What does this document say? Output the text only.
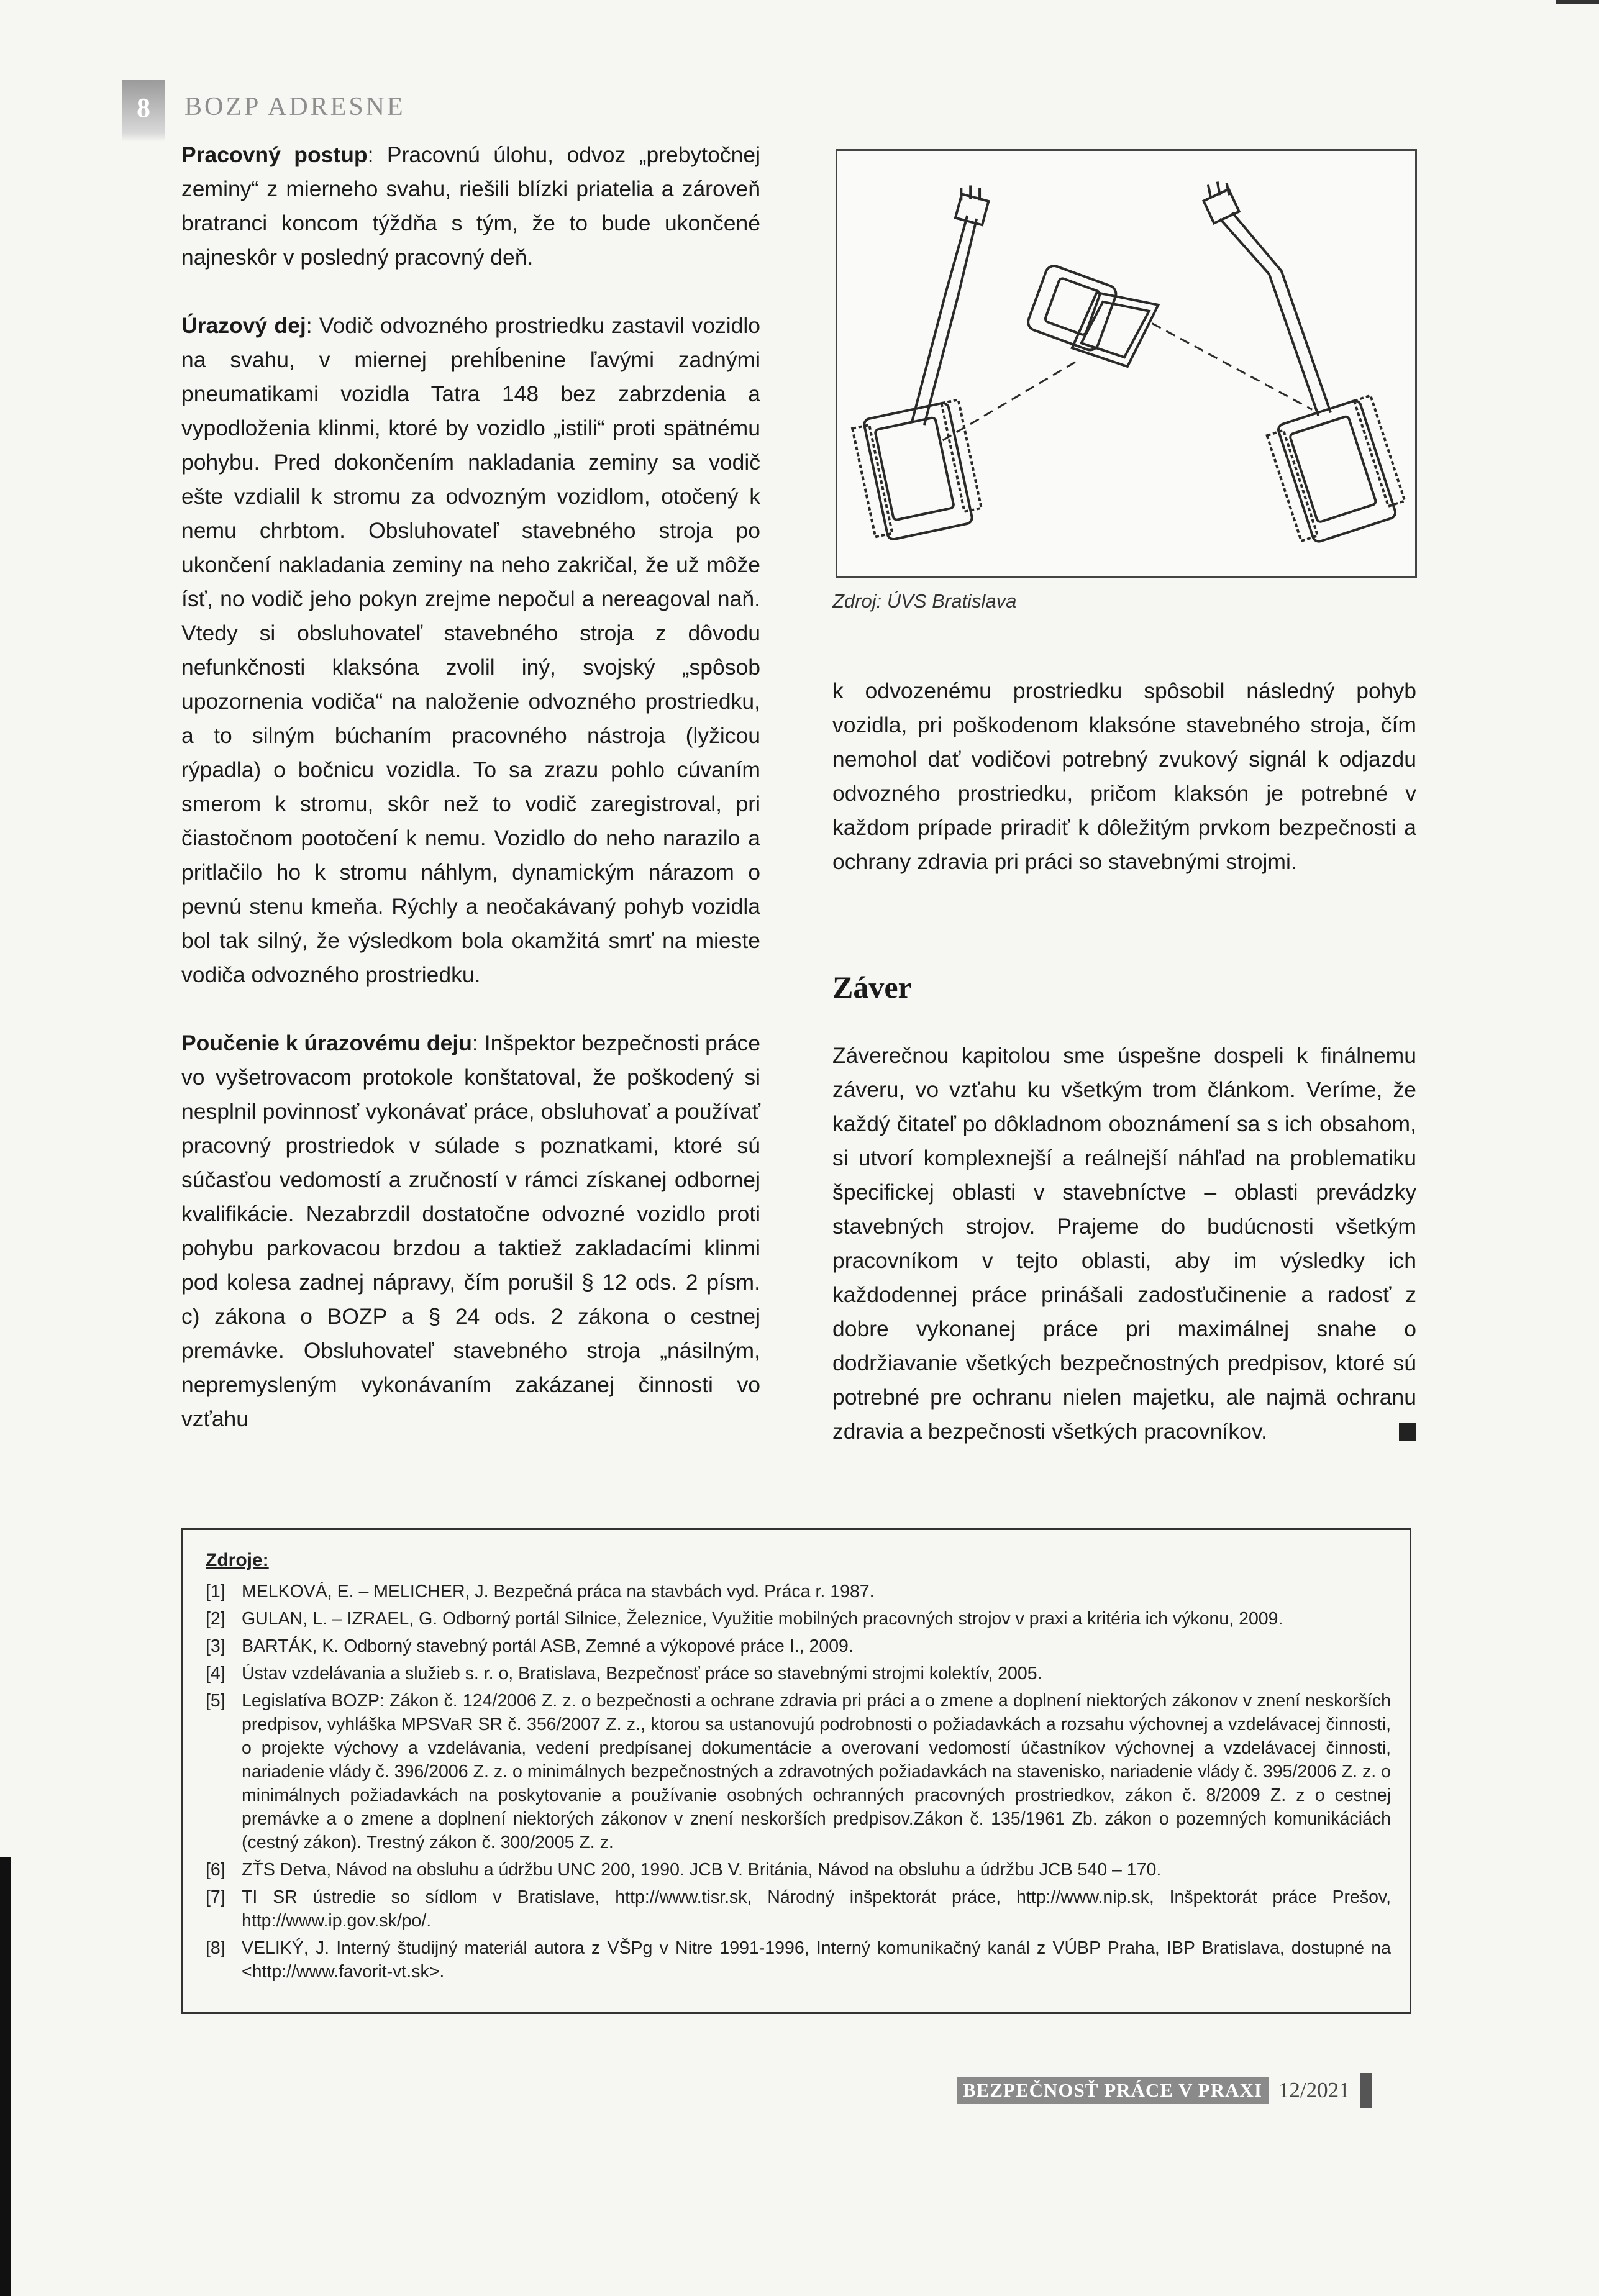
8	BOZP ADRESNE

Pracovný postup: Pracovnú úlohu, odvoz „prebytočnej zeminy“ z mierneho svahu, riešili blízki priatelia a zároveň bratranci koncom týždňa s tým, že to bude ukončené najneskôr v posledný pracovný deň.

Úrazový dej: Vodič odvozného prostriedku zastavil vozidlo na svahu, v miernej prehĺbenine ľavými zadnými pneumatikami vozidla Tatra 148 bez zabrzdenia a vypodloženia klinmi, ktoré by vozidlo „istili“ proti spätnému pohybu. Pred dokončením nakladania zeminy sa vodič ešte vzdialil k stromu za odvozným vozidlom, otočený k nemu chrbtom. Obsluhovateľ stavebného stroja po ukončení nakladania zeminy na neho zakričal, že už môže ísť, no vodič jeho pokyn zrejme nepočul a nereagoval naň. Vtedy si obsluhovateľ stavebného stroja z dôvodu nefunkčnosti klaksóna zvolil iný, svojský „spôsob upozornenia vodiča“ na naloženie odvozného prostriedku, a to silným búchaním pracovného nástroja (lyžicou rýpadla) o bočnicu vozidla. To sa zrazu pohlo cúvaním smerom k stromu, skôr než to vodič zaregistroval, pri čiastočnom pootočení k nemu. Vozidlo do neho narazilo a pritlačilo ho k stromu náhlym, dynamickým nárazom o pevnú stenu kmeňa. Rýchly a neočakávaný pohyb vozidla bol tak silný, že výsledkom bola okamžitá smrť na mieste vodiča odvozného prostriedku.

Poučenie k úrazovému deju: Inšpektor bezpečnosti práce vo vyšetrovacom protokole konštatoval, že poškodený si nesplnil povinnosť vykonávať práce, obsluhovať a používať pracovný prostriedok v súlade s poznatkami, ktoré sú súčasťou vedomostí a zručností v rámci získanej odbornej kvalifikácie. Nezabrzdil dostatočne odvozné vozidlo proti pohybu parkovacou brzdou a taktiež zakladacími klinmi pod kolesa zadnej nápravy, čím porušil § 12 ods. 2 písm. c) zákona o BOZP a § 24 ods. 2 zákona o cestnej premávke. Obsluhovateľ stavebného stroja „násilným, nepremysleným vykonávaním zakázanej činnosti vo vzťahu

Zdroj: ÚVS Bratislava

k odvozenému prostriedku spôsobil následný pohyb vozidla, pri poškodenom klaksóne stavebného stroja, čím nemohol dať vodičovi potrebný zvukový signál k odjazdu odvozného prostriedku, pričom klaksón je potrebné v každom prípade priradiť k dôležitým prvkom bezpečnosti a ochrany zdravia pri práci so stavebnými strojmi.

Záver

Záverečnou kapitolou sme úspešne dospeli k finálnemu záveru, vo vzťahu ku všetkým trom článkom. Veríme, že každý čitateľ po dôkladnom oboznámení sa s ich obsahom, si utvorí komplexnejší a reálnejší náhľad na problematiku špecifickej oblasti v stavebníctve – oblasti prevádzky stavebných strojov. Prajeme do budúcnosti všetkým pracovníkom v tejto oblasti, aby im výsledky ich každodennej práce prinášali zadosťučinenie a radosť z dobre vykonanej práce pri maximálnej snahe o dodržiavanie všetkých bezpečnostných predpisov, ktoré sú potrebné pre ochranu nielen majetku, ale najmä ochranu zdravia a bezpečnosti všetkých pracovníkov.

Zdroje:
[1] MELKOVÁ, E. – MELICHER, J. Bezpečná práca na stavbách vyd. Práca r. 1987.
[2] GULAN, L. – IZRAEL, G. Odborný portál Silnice, Železnice, Využitie mobilných pracovných strojov v praxi a kritéria ich výkonu, 2009.
[3] BARTÁK, K. Odborný stavebný portál ASB, Zemné a výkopové práce I., 2009.
[4] Ústav vzdelávania a služieb s. r. o, Bratislava, Bezpečnosť práce so stavebnými strojmi kolektív, 2005.
[5] Legislatíva BOZP: Zákon č. 124/2006 Z. z. o bezpečnosti a ochrane zdravia pri práci a o zmene a doplnení niektorých zákonov v znení neskorších predpisov, vyhláška MPSVaR SR č. 356/2007 Z. z., ktorou sa ustanovujú podrobnosti o požiadavkách a rozsahu výchovnej a vzdelávacej činnosti, o projekte výchovy a vzdelávania, vedení predpísanej dokumentácie a overovaní vedomostí účastníkov výchovnej a vzdelávacej činnosti, nariadenie vlády č. 396/2006 Z. z. o minimálnych bezpečnostných a zdravotných požiadavkách na stavenisko, nariadenie vlády č. 395/2006 Z. z. o minimálnych požiadavkách na poskytovanie a používanie osobných ochranných pracovných prostriedkov, zákon č. 8/2009 Z. z o cestnej premávke a o zmene a doplnení niektorých zákonov v znení neskorších predpisov.Zákon č. 135/1961 Zb. zákon o pozemných komunikáciách (cestný zákon). Trestný zákon č. 300/2005 Z. z.
[6] ZŤS Detva, Návod na obsluhu a údržbu UNC 200, 1990. JCB V. Británia, Návod na obsluhu a údržbu JCB 540 – 170.
[7] TI SR ústredie so sídlom v Bratislave, http://www.tisr.sk, Národný inšpektorát práce, http://www.nip.sk, Inšpektorát práce Prešov, http://www.ip.gov.sk/po/.
[8] VELIKÝ, J. Interný študijný materiál autora z VŠPg v Nitre 1991-1996, Interný komunikačný kanál z VÚBP Praha, IBP Bratislava, dostupné na <http://www.favorit-vt.sk>.
BEZPEČNOSŤ PRÁCE V PRAXI 12/2021
